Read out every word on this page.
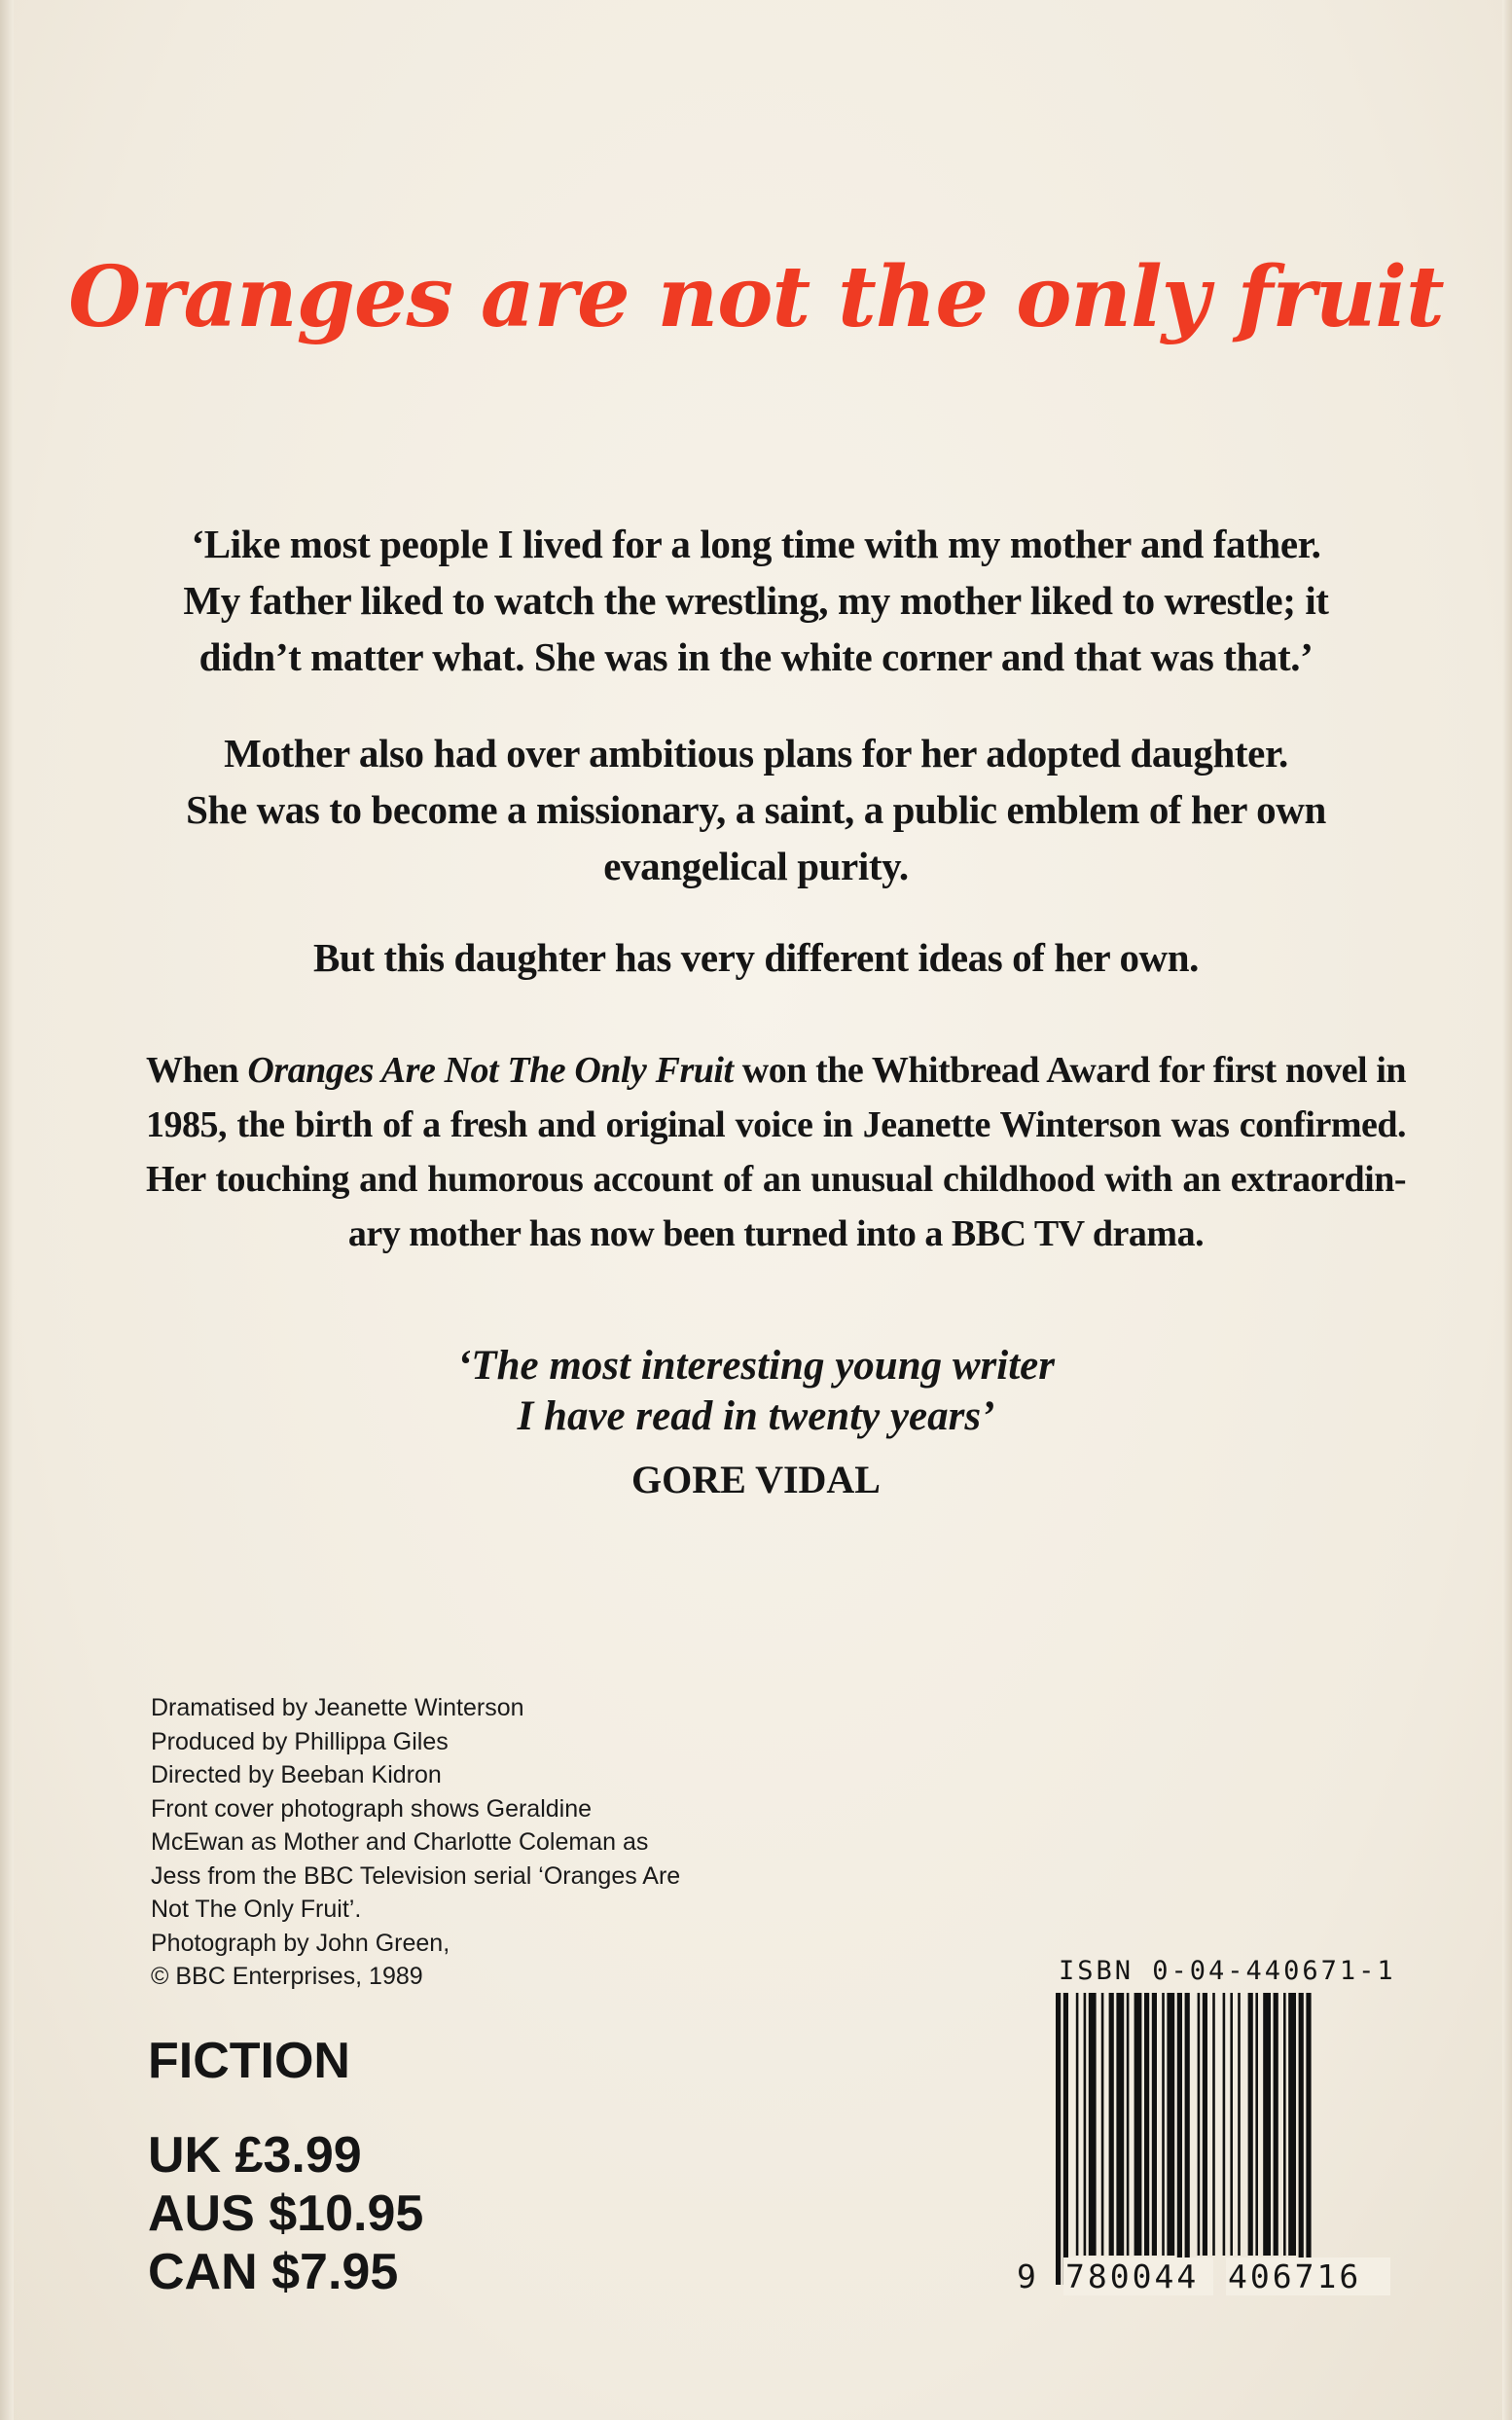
Oranges are not the only fruit
‘Like most people I lived for a long time with my mother and father.
My father liked to watch the wrestling, my mother liked to wrestle; it
didn’t matter what. She was in the white corner and that was that.’
Mother also had over ambitious plans for her adopted daughter.
She was to become a missionary, a saint, a public emblem of her own
evangelical purity.
But this daughter has very different ideas of her own.
When Oranges Are Not The Only Fruit won the Whitbread Award for first novel in
1985, the birth of a fresh and original voice in Jeanette Winterson was confirmed.
Her touching and humorous account of an unusual childhood with an extraordin-
ary mother has now been turned into a BBC TV drama.
‘The most interesting young writer
I have read in twenty years’
GORE VIDAL
Dramatised by Jeanette Winterson
Produced by Phillippa Giles
Directed by Beeban Kidron
Front cover photograph shows Geraldine
McEwan as Mother and Charlotte Coleman as
Jess from the BBC Television serial ‘Oranges Are
Not The Only Fruit’.
Photograph by John Green,
© BBC Enterprises, 1989
FICTION
UK £3.99
AUS $10.95
CAN $7.95
ISBN 0-04-440671-1
9 780044 406716
